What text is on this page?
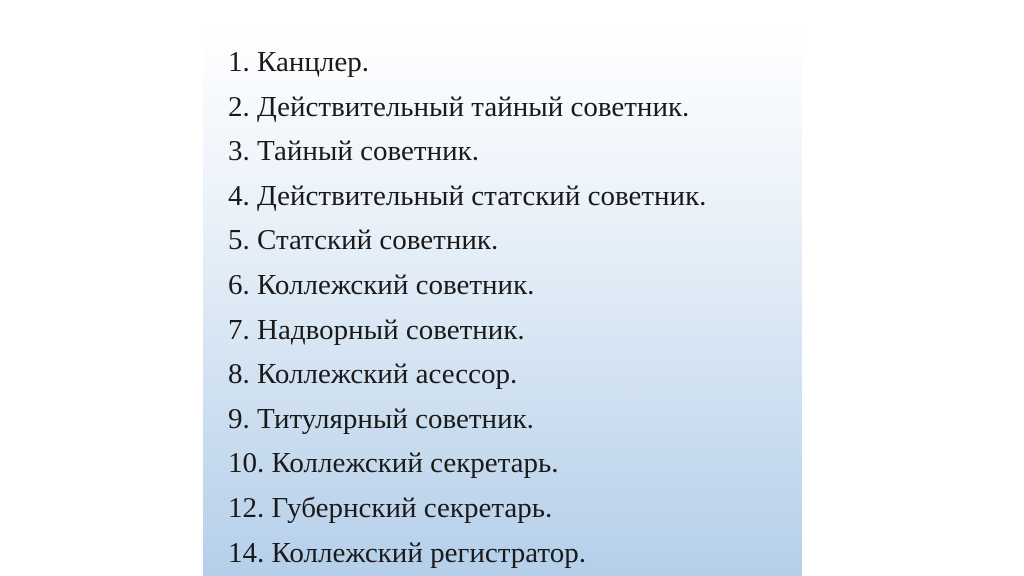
1. Канцлер.
2. Действительный тайный советник.
3. Тайный советник.
4. Действительный статский советник.
5. Статский советник.
6. Коллежский советник.
7. Надворный советник.
8. Коллежский асессор.
9. Титулярный советник.
10. Коллежский секретарь.
12. Губернский секретарь.
14. Коллежский регистратор.
